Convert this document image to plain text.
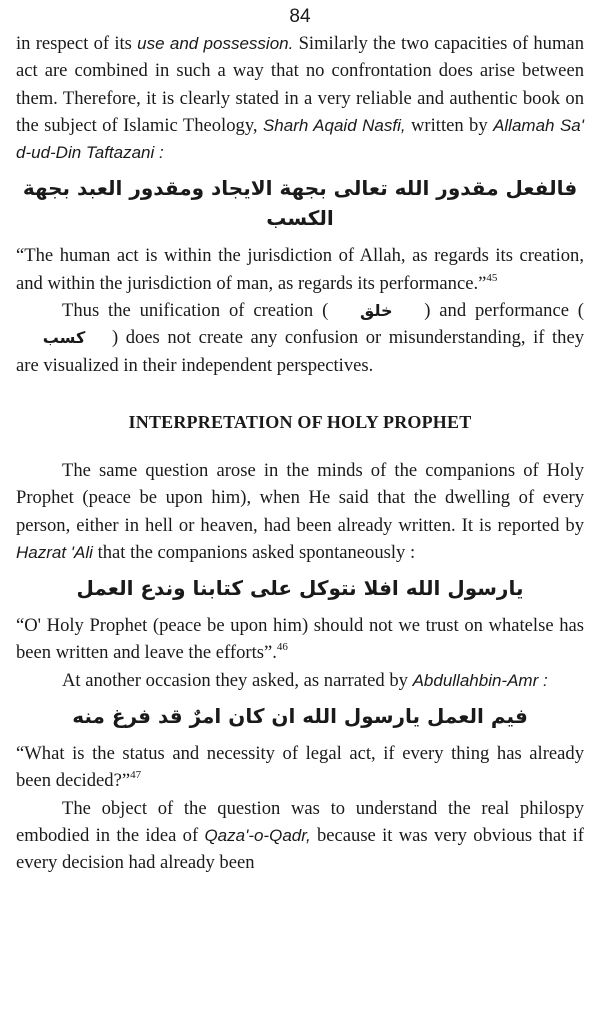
84

in respect of its use and possession. Similarly the two capacities of human act are combined in such a way that no confrontation does arise between them. Therefore, it is clearly stated in a very reliable and authentic book on the subject of Islamic Theology, Sharh Aqaid Nasfi, written by Allamah Sa' d-ud-Din Taftazani :

فالفعل مقدور الله تعالى بجهة الايجاد ومقدور العبد بجهة الكسب

“The human act is within the jurisdiction of Allah, as regards its creation, and within the jurisdiction of man, as regards its performance.”$^{45}$

Thus the unification of creation ( خلق ) and performance (كسب ) does not create any confusion or misunderstanding, if they are visualized in their independent perspectives.

INTERPRETATION OF HOLY PROPHET

The same question arose in the minds of the companions of Holy Prophet (peace be upon him), when He said that the dwelling of every person, either in hell or heaven, had been already written. It is reported by Hazrat 'Ali that the companions asked spontaneously :

يارسول الله افلا نتوكل على كتابنا وندع العمل

“O' Holy Prophet (peace be upon him) should not we trust on whatelse has been written and leave the efforts”.$^{46}$

At another occasion they asked, as narrated by Abdullahbin-Amr :

فيم العمل يارسول الله ان كان امرٌ قد فرغ منه

“What is the status and necessity of legal act, if every thing has already been decided?”$^{47}$

The object of the question was to understand the real philospy embodied in the idea of Qaza'-o-Qadr, because it was very obvious that if every decision had already been
